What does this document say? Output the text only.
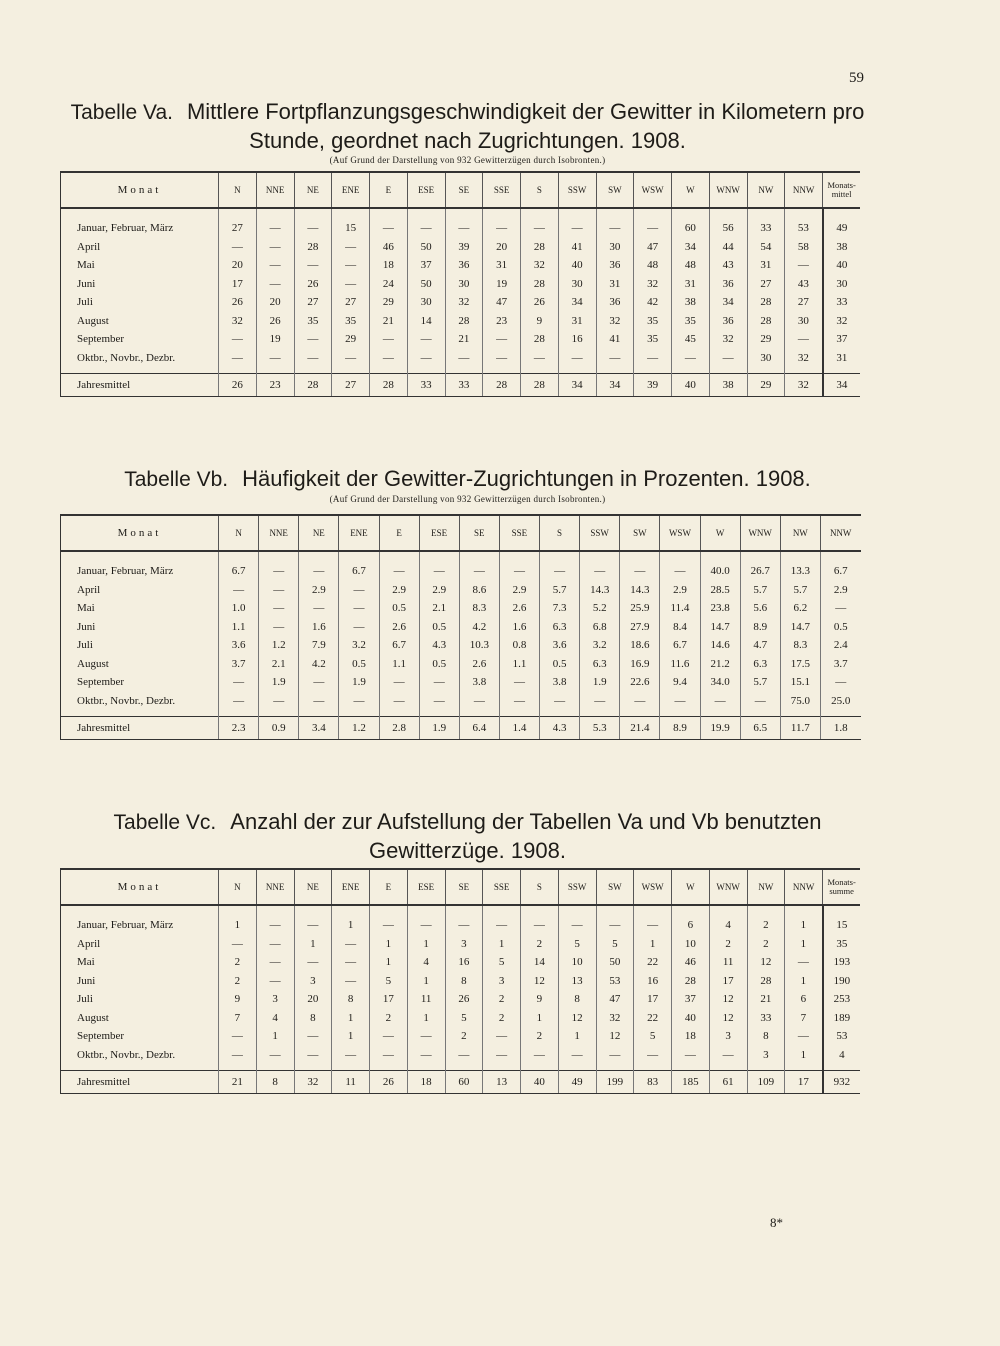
59
Tabelle Va. Mittlere Fortpflanzungsgeschwindigkeit der Gewitter in Kilometern pro Stunde, geordnet nach Zugrichtungen. 1908.
(Auf Grund der Darstellung von 932 Gewitterzügen durch Isobronten.)
Monat	N	NNE	NE	ENE	E	ESE	SE	SSE	S	SSW	SW	WSW	W	WNW	NW	NNW	Monats-mittel
Januar, Februar, März	27	—	—	15	—	—	—	—	—	—	—	—	60	56	33	53	49
April	—	—	28	—	46	50	39	20	28	41	30	47	34	44	54	58	38
Mai	20	—	—	—	18	37	36	31	32	40	36	48	48	43	31	—	40
Juni	17	—	26	—	24	50	30	19	28	30	31	32	31	36	27	43	30
Juli	26	20	27	27	29	30	32	47	26	34	36	42	38	34	28	27	33
August	32	26	35	35	21	14	28	23	9	31	32	35	35	36	28	30	32
September	—	19	—	29	—	—	21	—	28	16	41	35	45	32	29	—	37
Oktbr., Novbr., Dezbr.	—	—	—	—	—	—	—	—	—	—	—	—	—	—	30	32	31
Jahresmittel	26	23	28	27	28	33	33	28	28	34	34	39	40	38	29	32	34
Tabelle Vb. Häufigkeit der Gewitter-Zugrichtungen in Prozenten. 1908.
(Auf Grund der Darstellung von 932 Gewitterzügen durch Isobronten.)
Monat	N	NNE	NE	ENE	E	ESE	SE	SSE	S	SSW	SW	WSW	W	WNW	NW	NNW
Januar, Februar, März	6.7	—	—	6.7	—	—	—	—	—	—	—	—	40.0	26.7	13.3	6.7
April	—	—	2.9	—	2.9	2.9	8.6	2.9	5.7	14.3	14.3	2.9	28.5	5.7	5.7	2.9
Mai	1.0	—	—	—	0.5	2.1	8.3	2.6	7.3	5.2	25.9	11.4	23.8	5.6	6.2	—
Juni	1.1	—	1.6	—	2.6	0.5	4.2	1.6	6.3	6.8	27.9	8.4	14.7	8.9	14.7	0.5
Juli	3.6	1.2	7.9	3.2	6.7	4.3	10.3	0.8	3.6	3.2	18.6	6.7	14.6	4.7	8.3	2.4
August	3.7	2.1	4.2	0.5	1.1	0.5	2.6	1.1	0.5	6.3	16.9	11.6	21.2	6.3	17.5	3.7
September	—	1.9	—	1.9	—	—	3.8	—	3.8	1.9	22.6	9.4	34.0	5.7	15.1	—
Oktbr., Novbr., Dezbr.	—	—	—	—	—	—	—	—	—	—	—	—	—	—	75.0	25.0
Jahresmittel	2.3	0.9	3.4	1.2	2.8	1.9	6.4	1.4	4.3	5.3	21.4	8.9	19.9	6.5	11.7	1.8
Tabelle Vc. Anzahl der zur Aufstellung der Tabellen Va und Vb benutzten Gewitterzüge. 1908.
Monat	N	NNE	NE	ENE	E	ESE	SE	SSE	S	SSW	SW	WSW	W	WNW	NW	NNW	Monats-summe
Januar, Februar, März	1	—	—	1	—	—	—	—	—	—	—	—	6	4	2	1	15
April	—	—	1	—	1	1	3	1	2	5	5	1	10	2	2	1	35
Mai	2	—	—	—	1	4	16	5	14	10	50	22	46	11	12	—	193
Juni	2	—	3	—	5	1	8	3	12	13	53	16	28	17	28	1	190
Juli	9	3	20	8	17	11	26	2	9	8	47	17	37	12	21	6	253
August	7	4	8	1	2	1	5	2	1	12	32	22	40	12	33	7	189
September	—	1	—	1	—	—	2	—	2	1	12	5	18	3	8	—	53
Oktbr., Novbr., Dezbr.	—	—	—	—	—	—	—	—	—	—	—	—	—	—	3	1	4
Jahresmittel	21	8	32	11	26	18	60	13	40	49	199	83	185	61	109	17	932
8*
